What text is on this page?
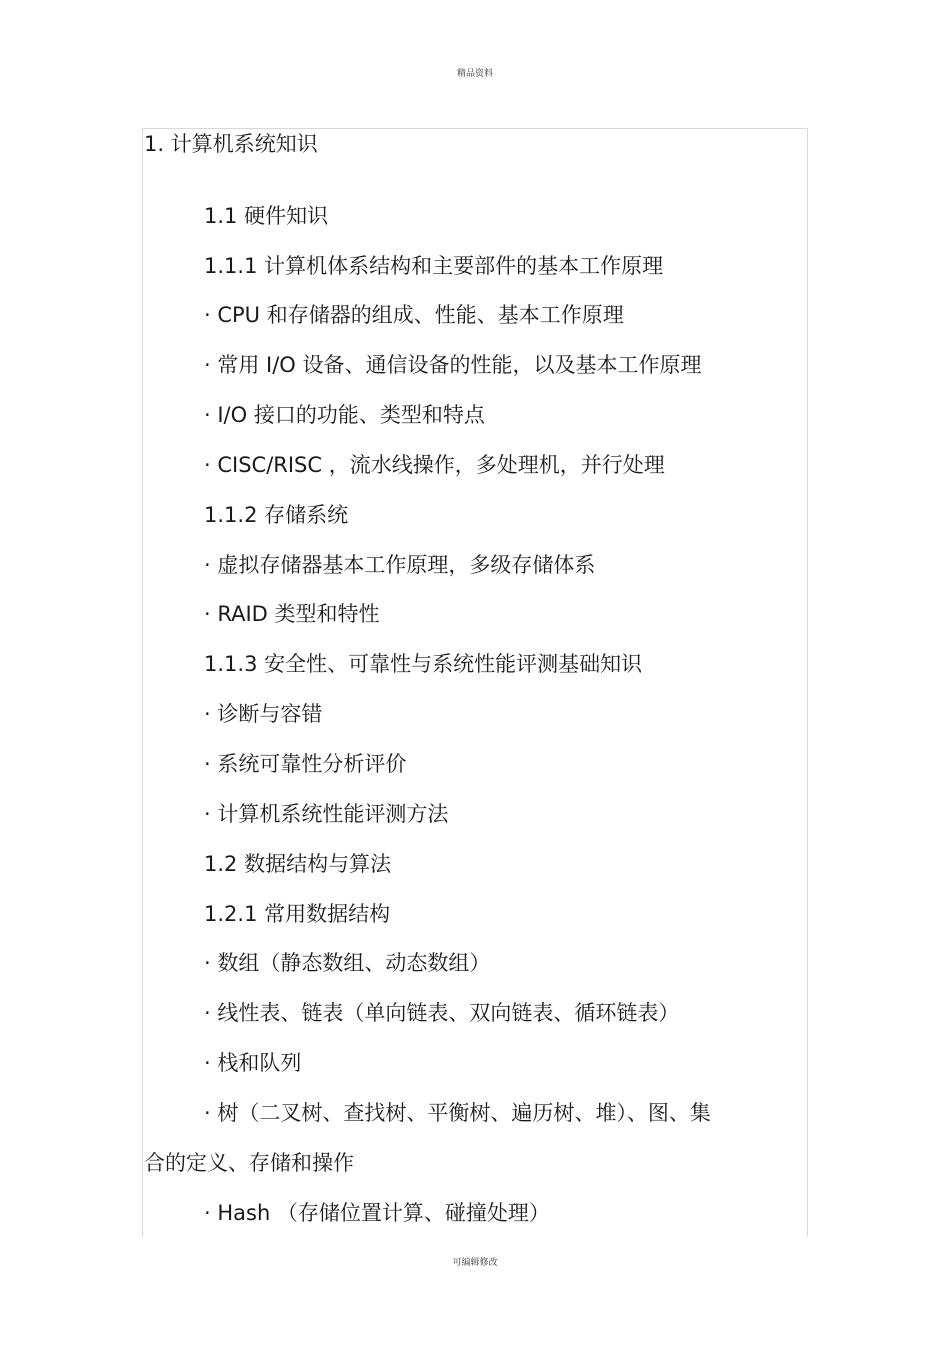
精品资料
1. 计算机系统知识
1.1 硬件知识
1.1.1 计算机体系结构和主要部件的基本工作原理
· CPU 和存储器的组成、性能、基本工作原理
· 常用 I/O 设备、通信设备的性能，以及基本工作原理
· I/O 接口的功能、类型和特点
· CISC/RISC ，流水线操作，多处理机，并行处理
1.1.2 存储系统
· 虚拟存储器基本工作原理，多级存储体系
· RAID 类型和特性
1.1.3 安全性、可靠性与系统性能评测基础知识
· 诊断与容错
· 系统可靠性分析评价
· 计算机系统性能评测方法
1.2 数据结构与算法
1.2.1 常用数据结构
· 数组（静态数组、动态数组）
· 线性表、链表（单向链表、双向链表、循环链表）
· 栈和队列
· 树（二叉树、查找树、平衡树、遍历树、堆）、图、集
合的定义、存储和操作
· Hash （存储位置计算、碰撞处理）
可编辑修改
